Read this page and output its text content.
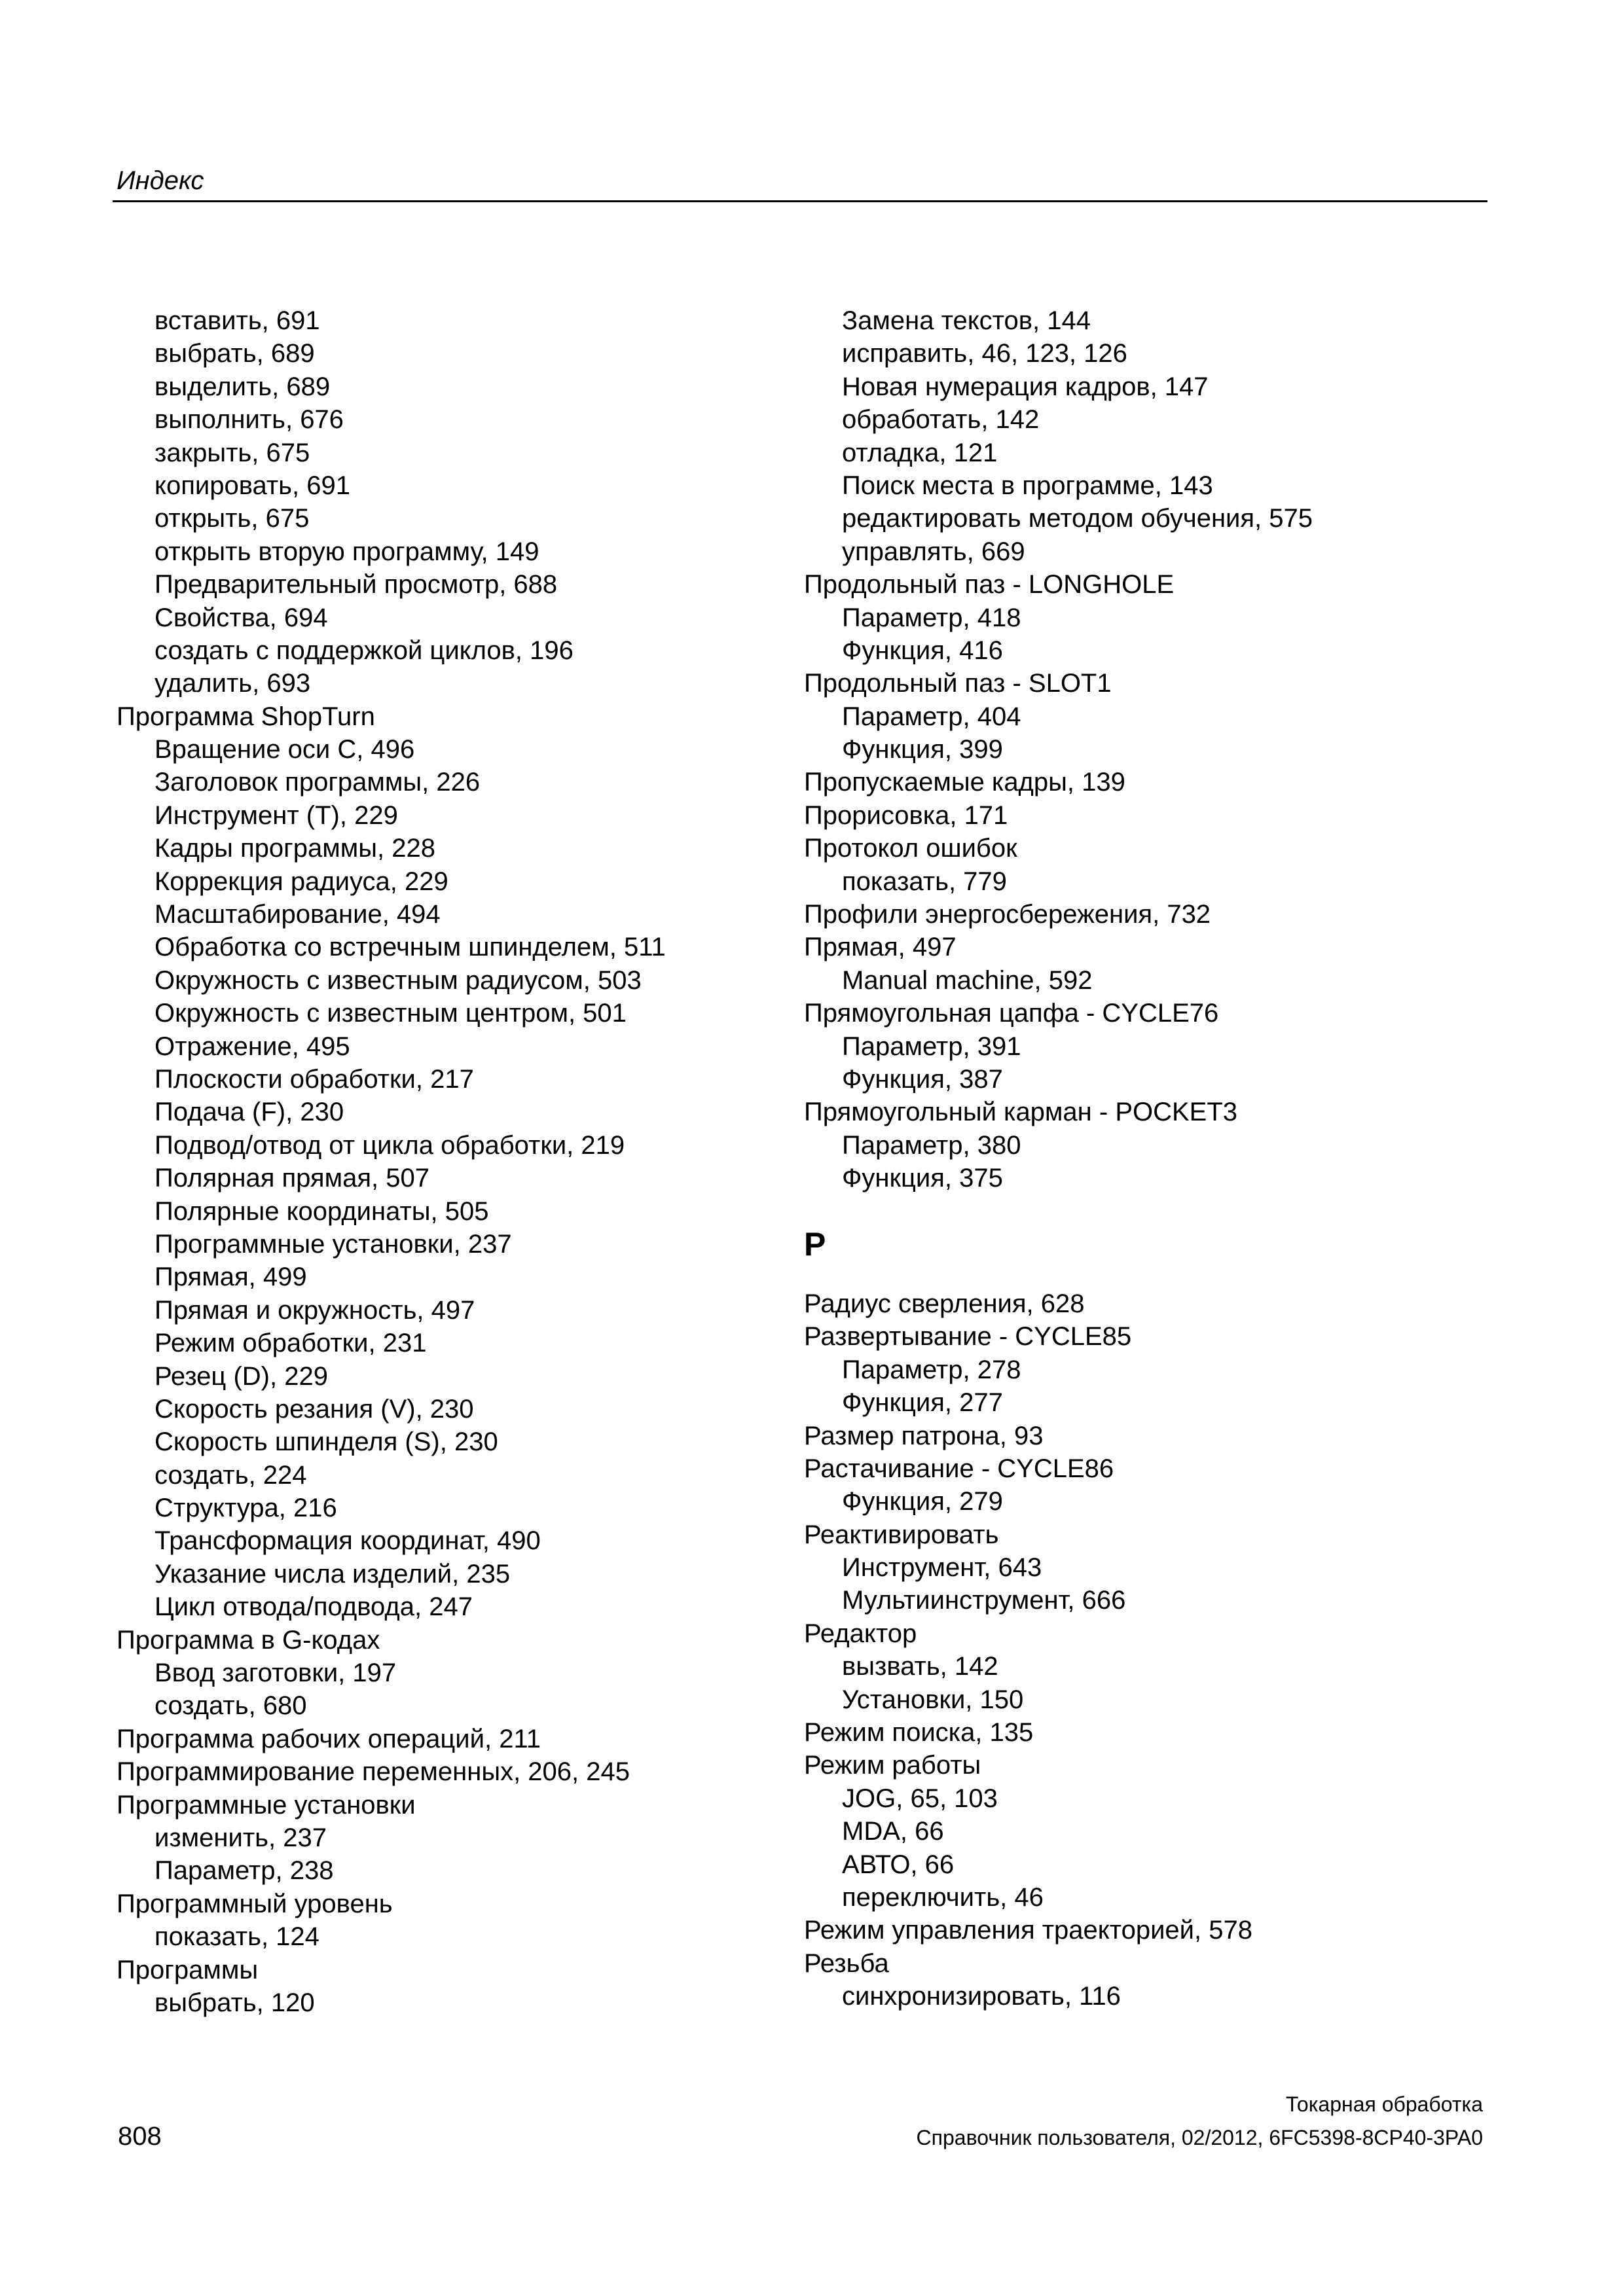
Индекс
вставить, 691
выбрать, 689
выделить, 689
выполнить, 676
закрыть, 675
копировать, 691
открыть, 675
открыть вторую программу, 149
Предварительный просмотр, 688
Свойства, 694
создать с поддержкой циклов, 196
удалить, 693
Программа ShopTurn
Вращение оси C, 496
Заголовок программы, 226
Инструмент (T), 229
Кадры программы, 228
Коррекция радиуса, 229
Масштабирование, 494
Обработка со встречным шпинделем, 511
Окружность с известным радиусом, 503
Окружность с известным центром, 501
Отражение, 495
Плоскости обработки, 217
Подача (F), 230
Подвод/отвод от цикла обработки, 219
Полярная прямая, 507
Полярные координаты, 505
Программные установки, 237
Прямая, 499
Прямая и окружность, 497
Режим обработки, 231
Резец (D), 229
Скорость резания (V), 230
Скорость шпинделя (S), 230
создать, 224
Структура, 216
Трансформация координат, 490
Указание числа изделий, 235
Цикл отвода/подвода, 247
Программа в G-кодах
Ввод заготовки, 197
создать, 680
Программа рабочих операций, 211
Программирование переменных, 206, 245
Программные установки
изменить, 237
Параметр, 238
Программный уровень
показать, 124
Программы
выбрать, 120
Замена текстов, 144
исправить, 46, 123, 126
Новая нумерация кадров, 147
обработать, 142
отладка, 121
Поиск места в программе, 143
редактировать методом обучения, 575
управлять, 669
Продольный паз - LONGHOLE
Параметр, 418
Функция, 416
Продольный паз - SLOT1
Параметр, 404
Функция, 399
Пропускаемые кадры, 139
Прорисовка, 171
Протокол ошибок
показать, 779
Профили энергосбережения, 732
Прямая, 497
Manual machine, 592
Прямоугольная цапфа - CYCLE76
Параметр, 391
Функция, 387
Прямоугольный карман - POCKET3
Параметр, 380
Функция, 375
Р
Радиус сверления, 628
Развертывание - CYCLE85
Параметр, 278
Функция, 277
Размер патрона, 93
Растачивание - CYCLE86
Функция, 279
Реактивировать
Инструмент, 643
Мультиинструмент, 666
Редактор
вызвать, 142
Установки, 150
Режим поиска, 135
Режим работы
JOG, 65, 103
MDA, 66
АВТО, 66
переключить, 46
Режим управления траекторией, 578
Резьба
синхронизировать, 116
808
Токарная обработка
Справочник пользователя, 02/2012, 6FC5398-8CP40-3PA0
